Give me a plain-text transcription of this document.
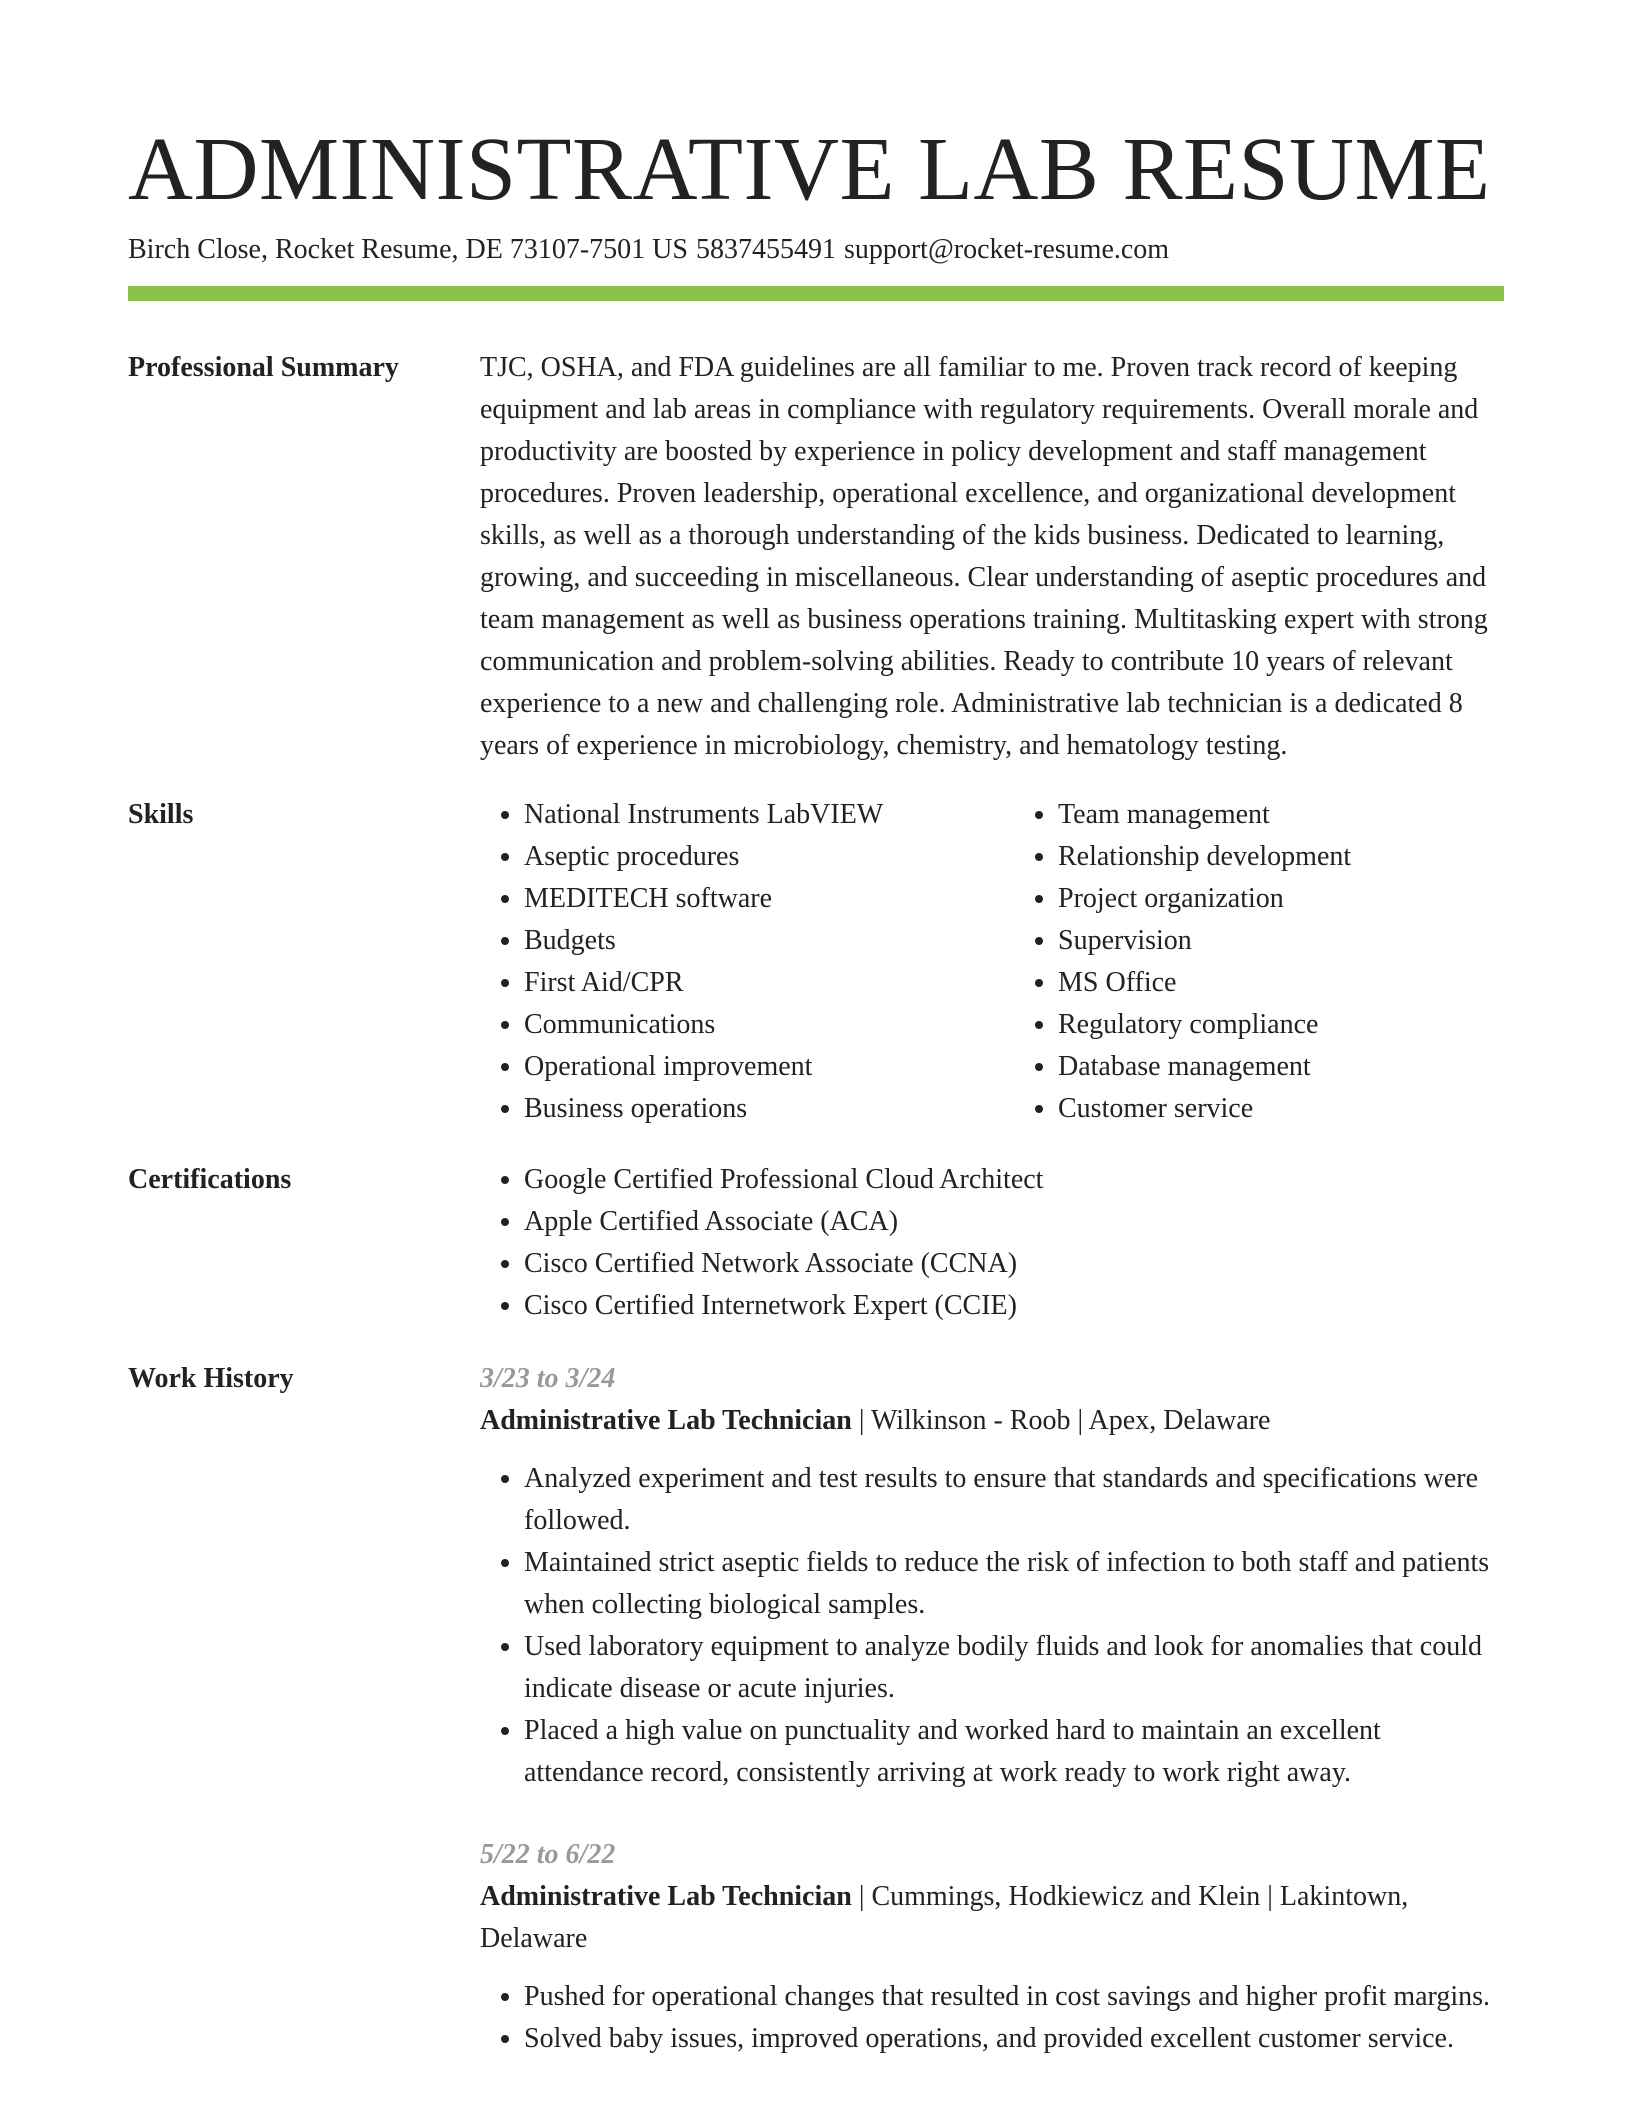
ADMINISTRATIVE LAB RESUME
Birch Close, Rocket Resume, DE 73107-7501 US 5837455491 support@rocket-resume.com
Professional Summary	TJC, OSHA, and FDA guidelines are all familiar to me. Proven track record of keeping equipment and lab areas in compliance with regulatory requirements. Overall morale and productivity are boosted by experience in policy development and staff management procedures. Proven leadership, operational excellence, and organizational development skills, as well as a thorough understanding of the kids business. Dedicated to learning, growing, and succeeding in miscellaneous. Clear understanding of aseptic procedures and team management as well as business operations training. Multitasking expert with strong communication and problem-solving abilities. Ready to contribute 10 years of relevant experience to a new and challenging role. Administrative lab technician is a dedicated 8 years of experience in microbiology, chemistry, and hematology testing.

Skills	• National Instruments LabVIEW
• Aseptic procedures
• MEDITECH software
• Budgets
• First Aid/CPR
• Communications
• Operational improvement
• Business operations
• Team management
• Relationship development
• Project organization
• Supervision
• MS Office
• Regulatory compliance
• Database management
• Customer service
Certifications	• Google Certified Professional Cloud Architect
• Apple Certified Associate (ACA)
• Cisco Certified Network Associate (CCNA)
• Cisco Certified Internetwork Expert (CCIE)
Work History	3/23 to 3/24
Administrative Lab Technician | Wilkinson - Roob | Apex, Delaware
• Analyzed experiment and test results to ensure that standards and specifications were followed.
• Maintained strict aseptic fields to reduce the risk of infection to both staff and patients when collecting biological samples.
• Used laboratory equipment to analyze bodily fluids and look for anomalies that could indicate disease or acute injuries.
• Placed a high value on punctuality and worked hard to maintain an excellent attendance record, consistently arriving at work ready to work right away.
5/22 to 6/22
Administrative Lab Technician | Cummings, Hodkiewicz and Klein | Lakintown, Delaware
• Pushed for operational changes that resulted in cost savings and higher profit margins.
• Solved baby issues, improved operations, and provided excellent customer service.
